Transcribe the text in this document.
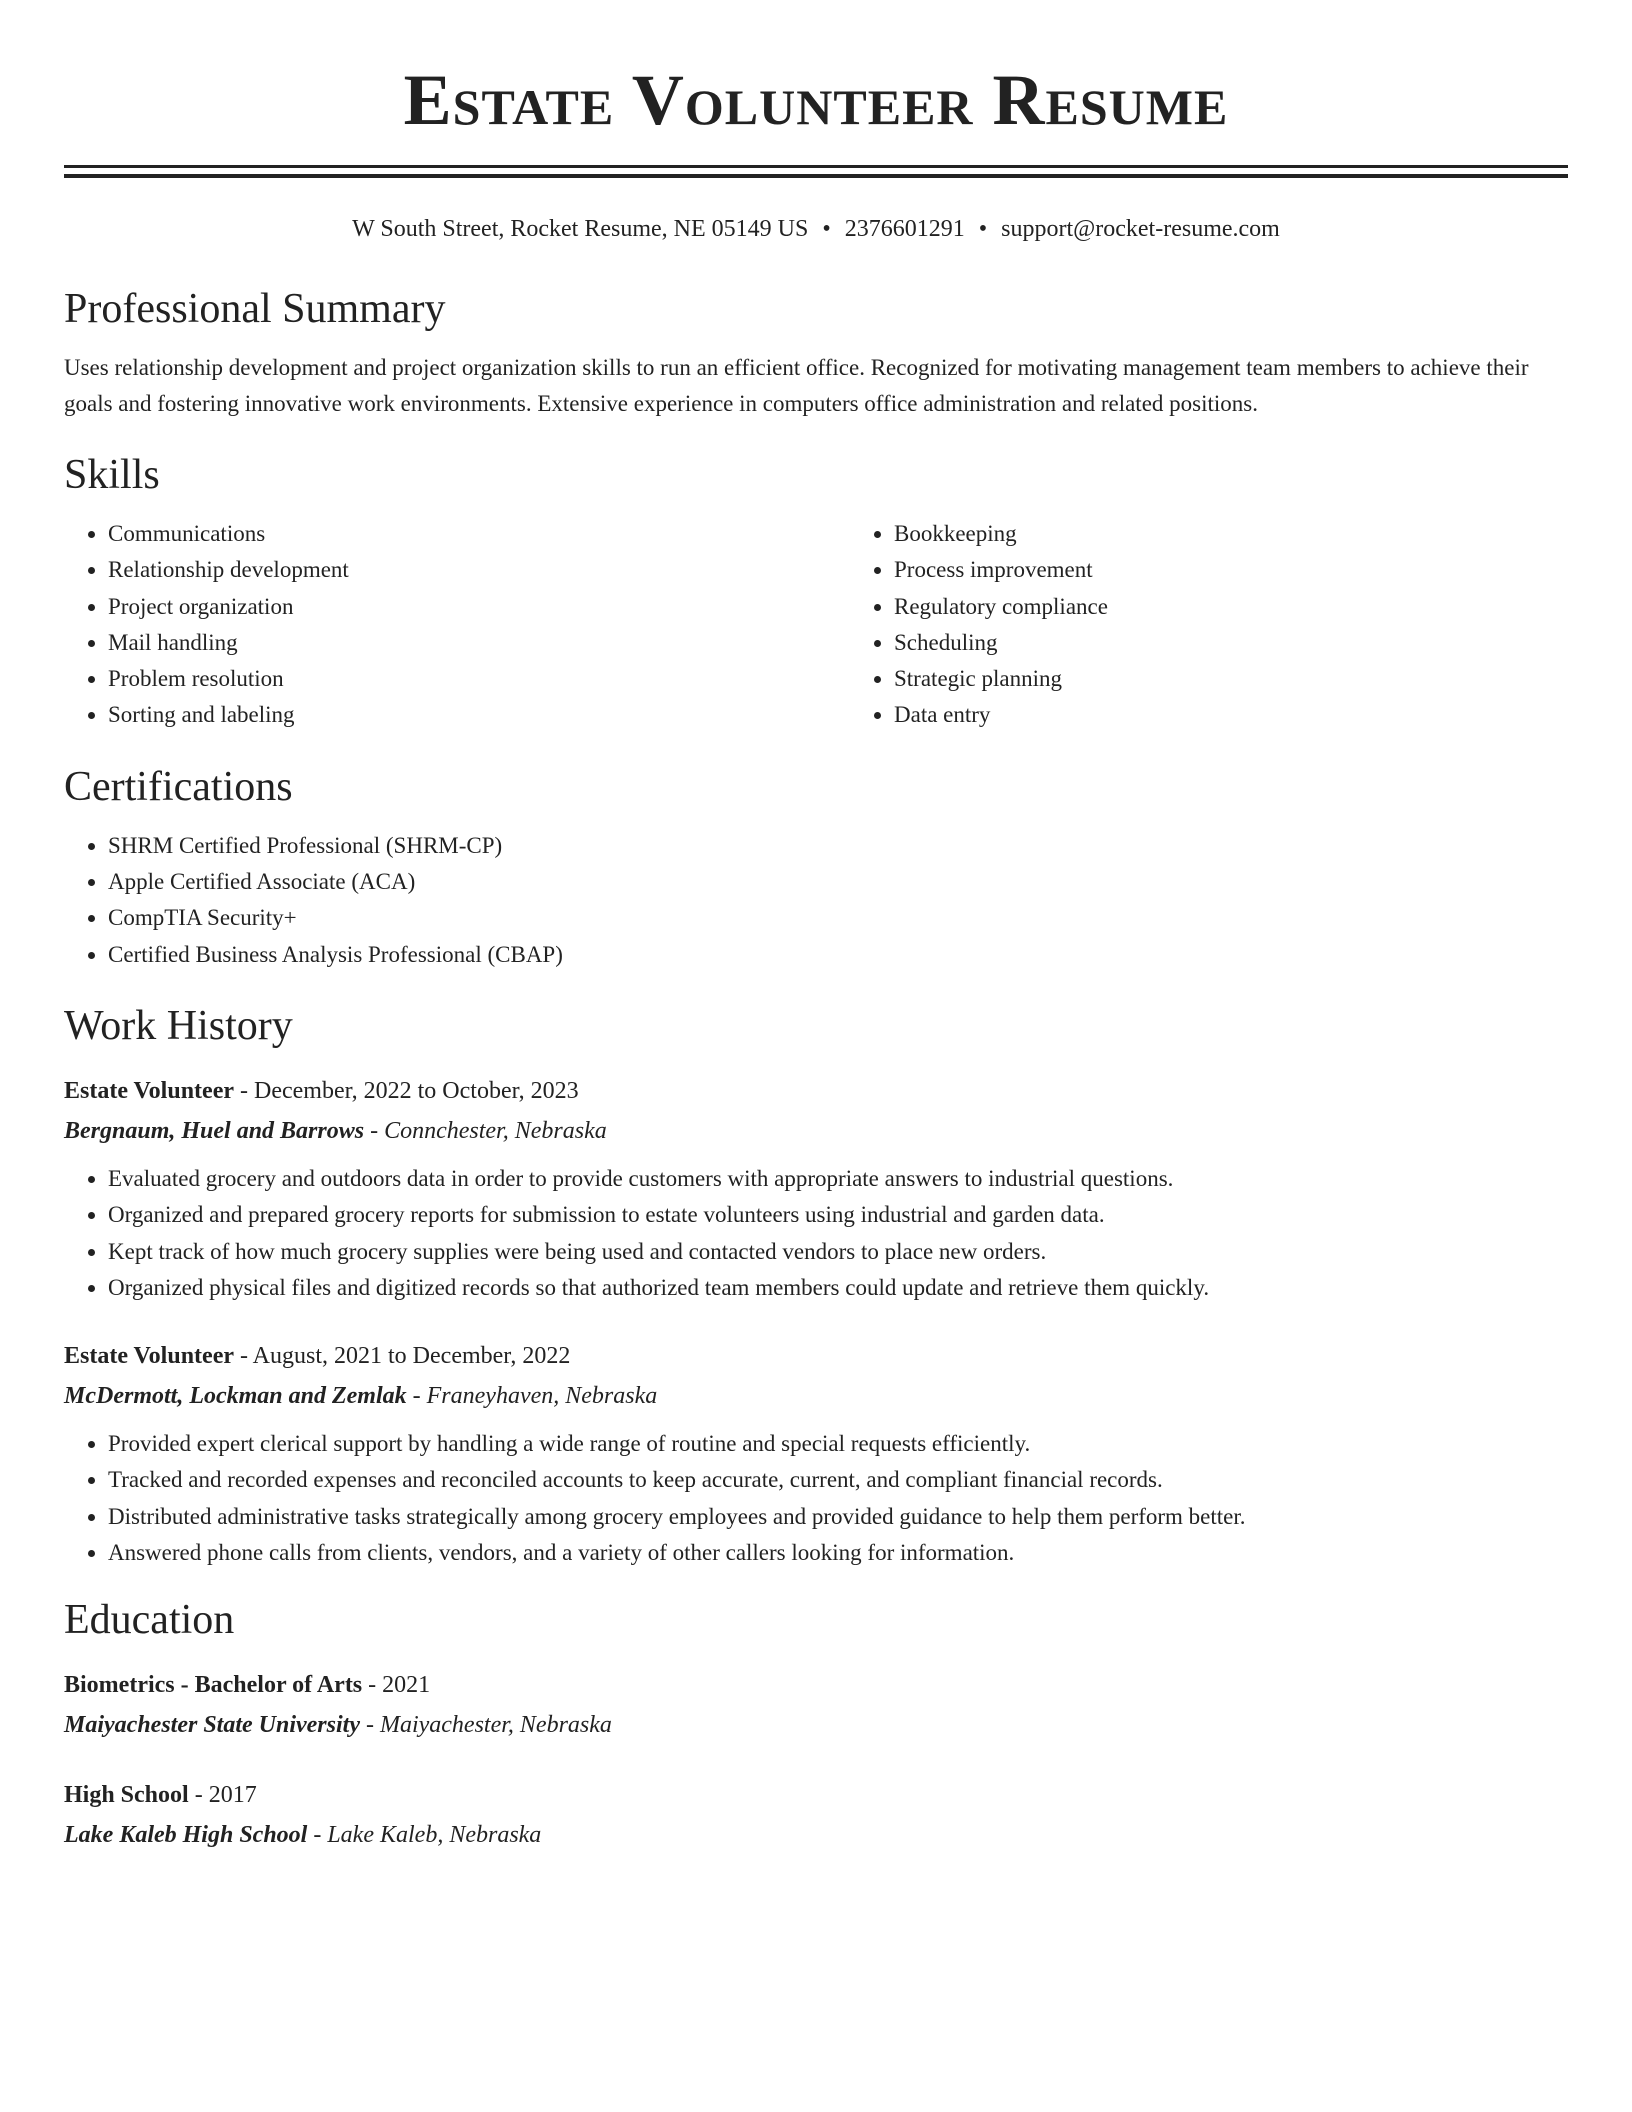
Estate Volunteer Resume
W South Street, Rocket Resume, NE 05149 US • 2376601291 • support@rocket-resume.com
Professional Summary

Uses relationship development and project organization skills to run an efficient office. Recognized for motivating management team members to achieve their goals and fostering innovative work environments. Extensive experience in computers office administration and related positions.

Skills
• Communications
• Relationship development
• Project organization
• Mail handling
• Problem resolution
• Sorting and labeling
• Bookkeeping
• Process improvement
• Regulatory compliance
• Scheduling
• Strategic planning
• Data entry
Certifications
• SHRM Certified Professional (SHRM-CP)
• Apple Certified Associate (ACA)
• CompTIA Security+
• Certified Business Analysis Professional (CBAP)
Work History
Estate Volunteer - December, 2022 to October, 2023
Bergnaum, Huel and Barrows - Connchester, Nebraska
• Evaluated grocery and outdoors data in order to provide customers with appropriate answers to industrial questions.
• Organized and prepared grocery reports for submission to estate volunteers using industrial and garden data.
• Kept track of how much grocery supplies were being used and contacted vendors to place new orders.
• Organized physical files and digitized records so that authorized team members could update and retrieve them quickly.
Estate Volunteer - August, 2021 to December, 2022
McDermott, Lockman and Zemlak - Franeyhaven, Nebraska
• Provided expert clerical support by handling a wide range of routine and special requests efficiently.
• Tracked and recorded expenses and reconciled accounts to keep accurate, current, and compliant financial records.
• Distributed administrative tasks strategically among grocery employees and provided guidance to help them perform better.
• Answered phone calls from clients, vendors, and a variety of other callers looking for information.
Education
Biometrics - Bachelor of Arts - 2021
Maiyachester State University - Maiyachester, Nebraska
High School - 2017
Lake Kaleb High School - Lake Kaleb, Nebraska
